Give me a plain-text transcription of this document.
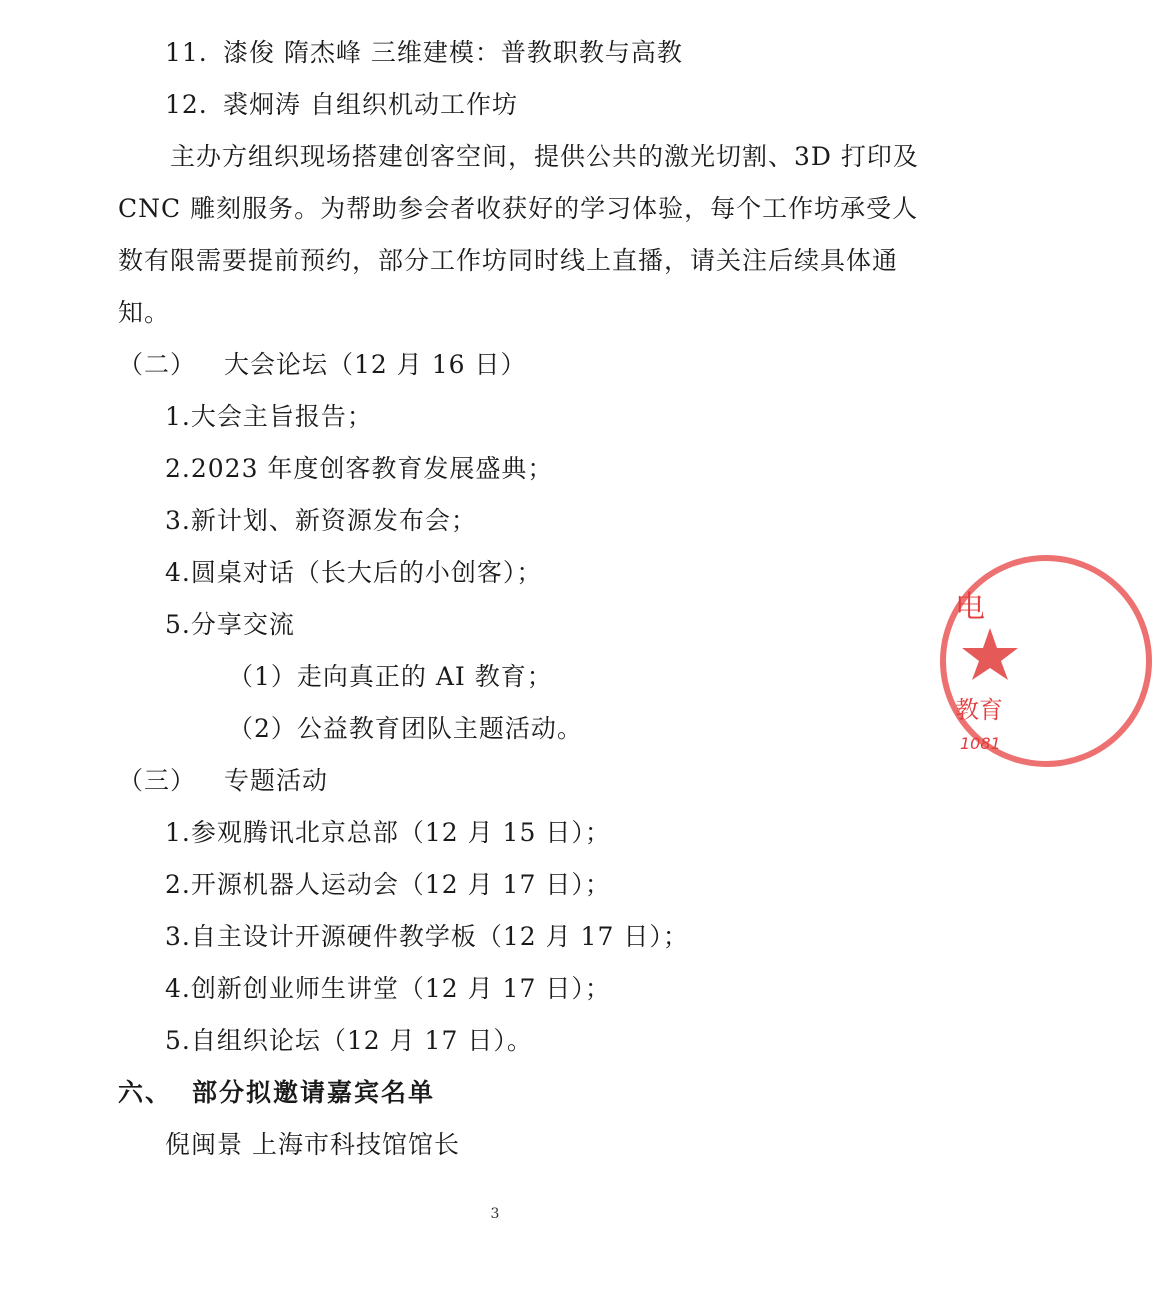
11. 漆俊 隋杰峰 三维建模：普教职教与高教
12. 裘炯涛 自组织机动工作坊
主办方组织现场搭建创客空间，提供公共的激光切割、3D 打印及
CNC 雕刻服务。为帮助参会者收获好的学习体验，每个工作坊承受人
数有限需要提前预约，部分工作坊同时线上直播，请关注后续具体通
知。
（二） 大会论坛（12 月 16 日）
1.大会主旨报告；
2.2023 年度创客教育发展盛典；
3.新计划、新资源发布会；
4.圆桌对话（长大后的小创客）；
5.分享交流
（1）走向真正的 AI 教育；
（2）公益教育团队主题活动。
（三） 专题活动
1.参观腾讯北京总部（12 月 15 日）；
2.开源机器人运动会（12 月 17 日）；
3.自主设计开源硬件教学板（12 月 17 日）；
4.创新创业师生讲堂（12 月 17 日）；
5.自组织论坛（12 月 17 日）。
六、 部分拟邀请嘉宾名单
倪闽景 上海市科技馆馆长
3
电
教育
1081
